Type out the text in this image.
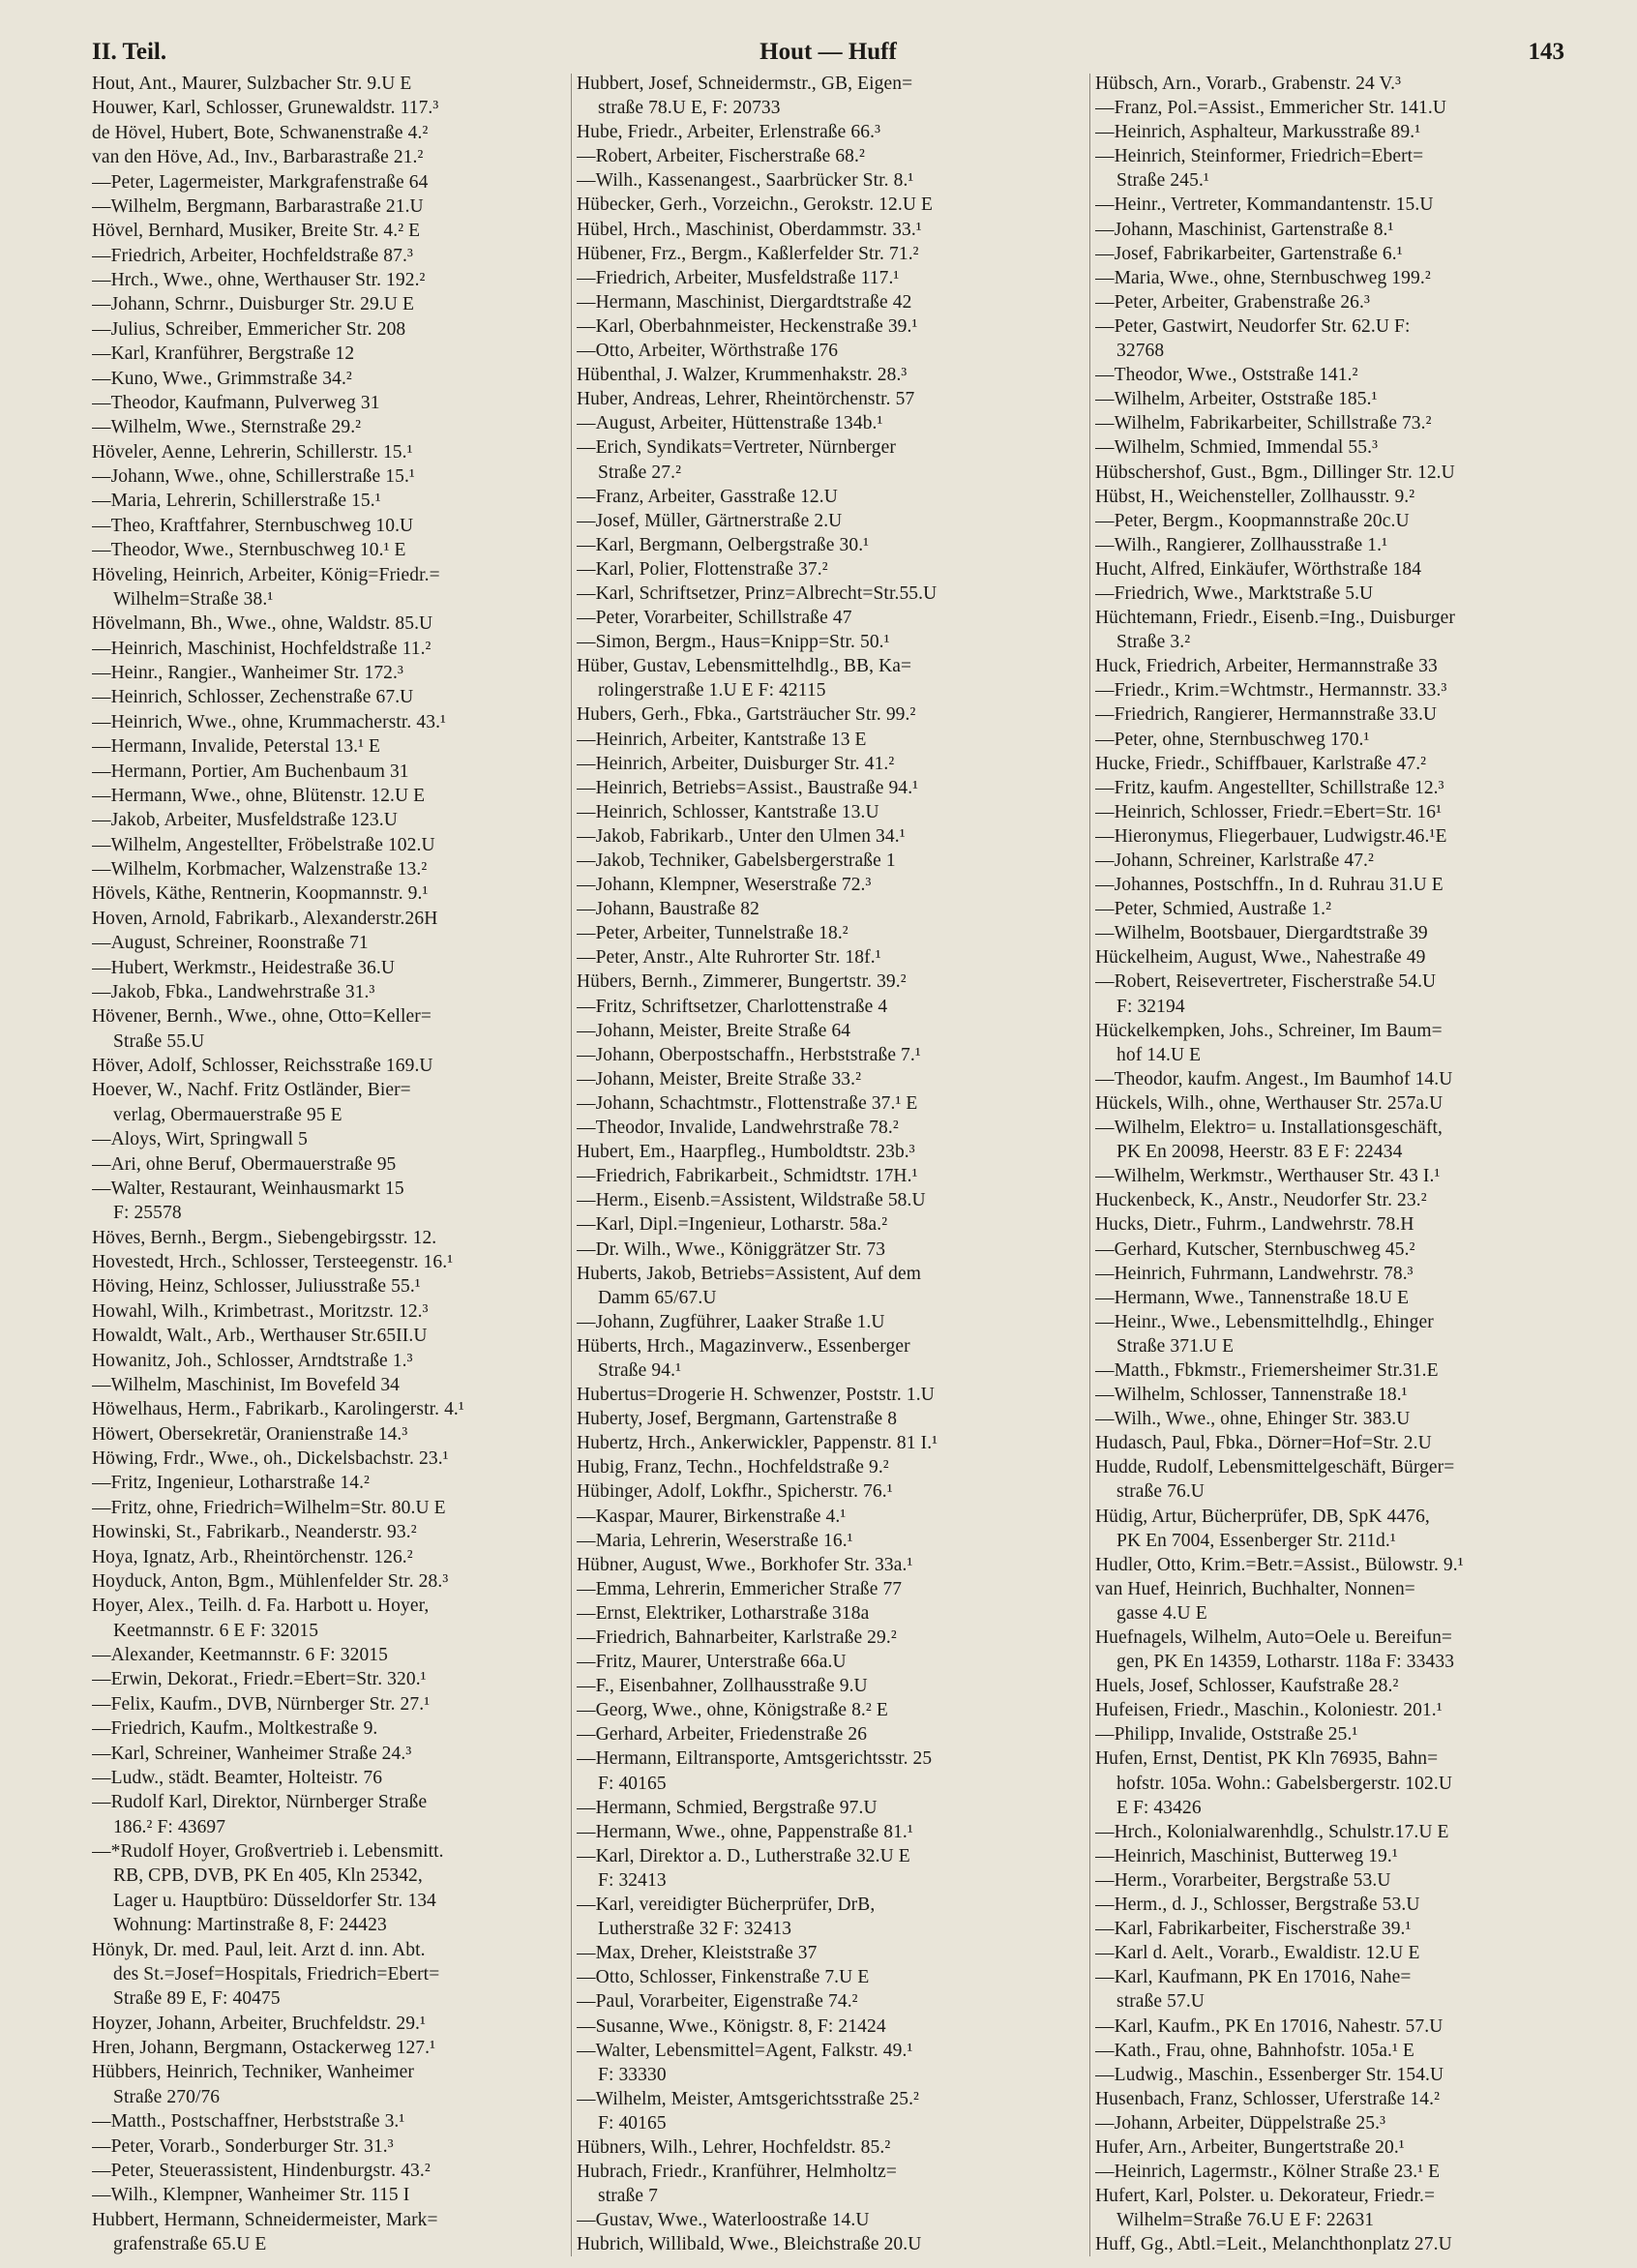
II. Teil.	Hout — Huff	143
Hout, Ant., Maurer, Sulzbacher Str. 9.U E
Houwer, Karl, Schlosser, Grunewaldstr. 117.³
de Hövel, Hubert, Bote, Schwanenstraße 4.²
van den Höve, Ad., Inv., Barbarastraße 21.²
—Peter, Lagermeister, Markgrafenstraße 64
—Wilhelm, Bergmann, Barbarastraße 21.U
Hövel, Bernhard, Musiker, Breite Str. 4.² E
—Friedrich, Arbeiter, Hochfeldstraße 87.³
—Hrch., Wwe., ohne, Werthauser Str. 192.²
—Johann, Schrnr., Duisburger Str. 29.U E
—Julius, Schreiber, Emmericher Str. 208
—Karl, Kranführer, Bergstraße 12
—Kuno, Wwe., Grimmstraße 34.²
—Theodor, Kaufmann, Pulverweg 31
—Wilhelm, Wwe., Sternstraße 29.²
Höveler, Aenne, Lehrerin, Schillerstr. 15.¹
—Johann, Wwe., ohne, Schillerstraße 15.¹
—Maria, Lehrerin, Schillerstraße 15.¹
—Theo, Kraftfahrer, Sternbuschweg 10.U
—Theodor, Wwe., Sternbuschweg 10.¹ E
Höveling, Heinrich, Arbeiter, König=Friedr.=
Wilhelm=Straße 38.¹
Hövelmann, Bh., Wwe., ohne, Waldstr. 85.U
—Heinrich, Maschinist, Hochfeldstraße 11.²
—Heinr., Rangier., Wanheimer Str. 172.³
—Heinrich, Schlosser, Zechenstraße 67.U
—Heinrich, Wwe., ohne, Krummacherstr. 43.¹
—Hermann, Invalide, Peterstal 13.¹ E
—Hermann, Portier, Am Buchenbaum 31
—Hermann, Wwe., ohne, Blütenstr. 12.U E
—Jakob, Arbeiter, Musfeldstraße 123.U
—Wilhelm, Angestellter, Fröbelstraße 102.U
—Wilhelm, Korbmacher, Walzenstraße 13.²
Hövels, Käthe, Rentnerin, Koopmannstr. 9.¹
Hoven, Arnold, Fabrikarb., Alexanderstr.26H
—August, Schreiner, Roonstraße 71
—Hubert, Werkmstr., Heidestraße 36.U
—Jakob, Fbka., Landwehrstraße 31.³
Hövener, Bernh., Wwe., ohne, Otto=Keller=
Straße 55.U
Höver, Adolf, Schlosser, Reichsstraße 169.U
Hoever, W., Nachf. Fritz Ostländer, Bier=
verlag, Obermauerstraße 95 E
—Aloys, Wirt, Springwall 5
—Ari, ohne Beruf, Obermauerstraße 95
—Walter, Restaurant, Weinhausmarkt 15
F: 25578
Höves, Bernh., Bergm., Siebengebirgsstr. 12.
Hovestedt, Hrch., Schlosser, Tersteegenstr. 16.¹
Höving, Heinz, Schlosser, Juliusstraße 55.¹
Howahl, Wilh., Krimbetrast., Moritzstr. 12.³
Howaldt, Walt., Arb., Werthauser Str.65II.U
Howanitz, Joh., Schlosser, Arndtstraße 1.³
—Wilhelm, Maschinist, Im Bovefeld 34
Höwelhaus, Herm., Fabrikarb., Karolingerstr. 4.¹
Höwert, Obersekretär, Oranienstraße 14.³
Höwing, Frdr., Wwe., oh., Dickelsbachstr. 23.¹
—Fritz, Ingenieur, Lotharstraße 14.²
—Fritz, ohne, Friedrich=Wilhelm=Str. 80.U E
Howinski, St., Fabrikarb., Neanderstr. 93.²
Hoya, Ignatz, Arb., Rheintörchenstr. 126.²
Hoyduck, Anton, Bgm., Mühlenfelder Str. 28.³
Hoyer, Alex., Teilh. d. Fa. Harbott u. Hoyer,
Keetmannstr. 6 E F: 32015
—Alexander, Keetmannstr. 6 F: 32015
—Erwin, Dekorat., Friedr.=Ebert=Str. 320.¹
—Felix, Kaufm., DVB, Nürnberger Str. 27.¹
—Friedrich, Kaufm., Moltkestraße 9.
—Karl, Schreiner, Wanheimer Straße 24.³
—Ludw., städt. Beamter, Holteistr. 76
—Rudolf Karl, Direktor, Nürnberger Straße
186.² F: 43697
—*Rudolf Hoyer, Großvertrieb i. Lebensmitt.
RB, CPB, DVB, PK En 405, Kln 25342,
Lager u. Hauptbüro: Düsseldorfer Str. 134
Wohnung: Martinstraße 8, F: 24423
Hönyk, Dr. med. Paul, leit. Arzt d. inn. Abt.
des St.=Josef=Hospitals, Friedrich=Ebert=
Straße 89 E, F: 40475
Hoyzer, Johann, Arbeiter, Bruchfeldstr. 29.¹
Hren, Johann, Bergmann, Ostackerweg 127.¹
Hübbers, Heinrich, Techniker, Wanheimer
Straße 270/76
—Matth., Postschaffner, Herbststraße 3.¹
—Peter, Vorarb., Sonderburger Str. 31.³
—Peter, Steuerassistent, Hindenburgstr. 43.²
—Wilh., Klempner, Wanheimer Str. 115 I
Hubbert, Hermann, Schneidermeister, Mark=
grafenstraße 65.U E
Hubbert, Josef, Schneidermstr., GB, Eigen=
straße 78.U E, F: 20733
Hube, Friedr., Arbeiter, Erlenstraße 66.³
—Robert, Arbeiter, Fischerstraße 68.²
—Wilh., Kassenangest., Saarbrücker Str. 8.¹
Hübecker, Gerh., Vorzeichn., Gerokstr. 12.U E
Hübel, Hrch., Maschinist, Oberdammstr. 33.¹
Hübener, Frz., Bergm., Kaßlerfelder Str. 71.²
—Friedrich, Arbeiter, Musfeldstraße 117.¹
—Hermann, Maschinist, Diergardtstraße 42
—Karl, Oberbahnmeister, Heckenstraße 39.¹
—Otto, Arbeiter, Wörthstraße 176
Hübenthal, J. Walzer, Krummenhakstr. 28.³
Huber, Andreas, Lehrer, Rheintörchenstr. 57
—August, Arbeiter, Hüttenstraße 134b.¹
—Erich, Syndikats=Vertreter, Nürnberger
Straße 27.²
—Franz, Arbeiter, Gasstraße 12.U
—Josef, Müller, Gärtnerstraße 2.U
—Karl, Bergmann, Oelbergstraße 30.¹
—Karl, Polier, Flottenstraße 37.²
—Karl, Schriftsetzer, Prinz=Albrecht=Str.55.U
—Peter, Vorarbeiter, Schillstraße 47
—Simon, Bergm., Haus=Knipp=Str. 50.¹
Hüber, Gustav, Lebensmittelhdlg., BB, Ka=
rolingerstraße 1.U E F: 42115
Hubers, Gerh., Fbka., Gartsträucher Str. 99.²
—Heinrich, Arbeiter, Kantstraße 13 E
—Heinrich, Arbeiter, Duisburger Str. 41.²
—Heinrich, Betriebs=Assist., Baustraße 94.¹
—Heinrich, Schlosser, Kantstraße 13.U
—Jakob, Fabrikarb., Unter den Ulmen 34.¹
—Jakob, Techniker, Gabelsbergerstraße 1
—Johann, Klempner, Weserstraße 72.³
—Johann, Baustraße 82
—Peter, Arbeiter, Tunnelstraße 18.²
—Peter, Anstr., Alte Ruhrorter Str. 18f.¹
Hübers, Bernh., Zimmerer, Bungertstr. 39.²
—Fritz, Schriftsetzer, Charlottenstraße 4
—Johann, Meister, Breite Straße 64
—Johann, Oberpostschaffn., Herbststraße 7.¹
—Johann, Meister, Breite Straße 33.²
—Johann, Schachtmstr., Flottenstraße 37.¹ E
—Theodor, Invalide, Landwehrstraße 78.²
Hubert, Em., Haarpfleg., Humboldtstr. 23b.³
—Friedrich, Fabrikarbeit., Schmidtstr. 17H.¹
—Herm., Eisenb.=Assistent, Wildstraße 58.U
—Karl, Dipl.=Ingenieur, Lotharstr. 58a.²
—Dr. Wilh., Wwe., Königgrätzer Str. 73
Huberts, Jakob, Betriebs=Assistent, Auf dem
Damm 65/67.U
—Johann, Zugführer, Laaker Straße 1.U
Hüberts, Hrch., Magazinverw., Essenberger
Straße 94.¹
Hubertus=Drogerie H. Schwenzer, Poststr. 1.U
Huberty, Josef, Bergmann, Gartenstraße 8
Hubertz, Hrch., Ankerwickler, Pappenstr. 81 I.¹
Hubig, Franz, Techn., Hochfeldstraße 9.²
Hübinger, Adolf, Lokfhr., Spicherstr. 76.¹
—Kaspar, Maurer, Birkenstraße 4.¹
—Maria, Lehrerin, Weserstraße 16.¹
Hübner, August, Wwe., Borkhofer Str. 33a.¹
—Emma, Lehrerin, Emmericher Straße 77
—Ernst, Elektriker, Lotharstraße 318a
—Friedrich, Bahnarbeiter, Karlstraße 29.²
—Fritz, Maurer, Unterstraße 66a.U
—F., Eisenbahner, Zollhausstraße 9.U
—Georg, Wwe., ohne, Königstraße 8.² E
—Gerhard, Arbeiter, Friedenstraße 26
—Hermann, Eiltransporte, Amtsgerichtsstr. 25
F: 40165
—Hermann, Schmied, Bergstraße 97.U
—Hermann, Wwe., ohne, Pappenstraße 81.¹
—Karl, Direktor a. D., Lutherstraße 32.U E
F: 32413
—Karl, vereidigter Bücherprüfer, DrB,
Lutherstraße 32 F: 32413
—Max, Dreher, Kleiststraße 37
—Otto, Schlosser, Finkenstraße 7.U E
—Paul, Vorarbeiter, Eigenstraße 74.²
—Susanne, Wwe., Königstr. 8, F: 21424
—Walter, Lebensmittel=Agent, Falkstr. 49.¹
F: 33330
—Wilhelm, Meister, Amtsgerichtsstraße 25.²
F: 40165
Hübners, Wilh., Lehrer, Hochfeldstr. 85.²
Hubrach, Friedr., Kranführer, Helmholtz=
straße 7
—Gustav, Wwe., Waterloostraße 14.U
Hubrich, Willibald, Wwe., Bleichstraße 20.U
Hübsch, Arn., Vorarb., Grabenstr. 24 V.³
—Franz, Pol.=Assist., Emmericher Str. 141.U
—Heinrich, Asphalteur, Markusstraße 89.¹
—Heinrich, Steinformer, Friedrich=Ebert=
Straße 245.¹
—Heinr., Vertreter, Kommandantenstr. 15.U
—Johann, Maschinist, Gartenstraße 8.¹
—Josef, Fabrikarbeiter, Gartenstraße 6.¹
—Maria, Wwe., ohne, Sternbuschweg 199.²
—Peter, Arbeiter, Grabenstraße 26.³
—Peter, Gastwirt, Neudorfer Str. 62.U F:
32768
—Theodor, Wwe., Oststraße 141.²
—Wilhelm, Arbeiter, Oststraße 185.¹
—Wilhelm, Fabrikarbeiter, Schillstraße 73.²
—Wilhelm, Schmied, Immendal 55.³
Hübschershof, Gust., Bgm., Dillinger Str. 12.U
Hübst, H., Weichensteller, Zollhausstr. 9.²
—Peter, Bergm., Koopmannstraße 20c.U
—Wilh., Rangierer, Zollhausstraße 1.¹
Hucht, Alfred, Einkäufer, Wörthstraße 184
—Friedrich, Wwe., Marktstraße 5.U
Hüchtemann, Friedr., Eisenb.=Ing., Duisburger
Straße 3.²
Huck, Friedrich, Arbeiter, Hermannstraße 33
—Friedr., Krim.=Wchtmstr., Hermannstr. 33.³
—Friedrich, Rangierer, Hermannstraße 33.U
—Peter, ohne, Sternbuschweg 170.¹
Hucke, Friedr., Schiffbauer, Karlstraße 47.²
—Fritz, kaufm. Angestellter, Schillstraße 12.³
—Heinrich, Schlosser, Friedr.=Ebert=Str. 16¹
—Hieronymus, Fliegerbauer, Ludwigstr.46.¹E
—Johann, Schreiner, Karlstraße 47.²
—Johannes, Postschffn., In d. Ruhrau 31.U E
—Peter, Schmied, Austraße 1.²
—Wilhelm, Bootsbauer, Diergardtstraße 39
Hückelheim, August, Wwe., Nahestraße 49
—Robert, Reisevertreter, Fischerstraße 54.U
F: 32194
Hückelkempken, Johs., Schreiner, Im Baum=
hof 14.U E
—Theodor, kaufm. Angest., Im Baumhof 14.U
Hückels, Wilh., ohne, Werthauser Str. 257a.U
—Wilhelm, Elektro= u. Installationsgeschäft,
PK En 20098, Heerstr. 83 E F: 22434
—Wilhelm, Werkmstr., Werthauser Str. 43 I.¹
Huckenbeck, K., Anstr., Neudorfer Str. 23.²
Hucks, Dietr., Fuhrm., Landwehrstr. 78.H
—Gerhard, Kutscher, Sternbuschweg 45.²
—Heinrich, Fuhrmann, Landwehrstr. 78.³
—Hermann, Wwe., Tannenstraße 18.U E
—Heinr., Wwe., Lebensmittelhdlg., Ehinger
Straße 371.U E
—Matth., Fbkmstr., Friemersheimer Str.31.E
—Wilhelm, Schlosser, Tannenstraße 18.¹
—Wilh., Wwe., ohne, Ehinger Str. 383.U
Hudasch, Paul, Fbka., Dörner=Hof=Str. 2.U
Hudde, Rudolf, Lebensmittelgeschäft, Bürger=
straße 76.U
Hüdig, Artur, Bücherprüfer, DB, SpK 4476,
PK En 7004, Essenberger Str. 211d.¹
Hudler, Otto, Krim.=Betr.=Assist., Bülowstr. 9.¹
van Huef, Heinrich, Buchhalter, Nonnen=
gasse 4.U E
Huefnagels, Wilhelm, Auto=Oele u. Bereifun=
gen, PK En 14359, Lotharstr. 118a F: 33433
Huels, Josef, Schlosser, Kaufstraße 28.²
Hufeisen, Friedr., Maschin., Koloniestr. 201.¹
—Philipp, Invalide, Oststraße 25.¹
Hufen, Ernst, Dentist, PK Kln 76935, Bahn=
hofstr. 105a. Wohn.: Gabelsbergerstr. 102.U
E F: 43426
—Hrch., Kolonialwarenhdlg., Schulstr.17.U E
—Heinrich, Maschinist, Butterweg 19.¹
—Herm., Vorarbeiter, Bergstraße 53.U
—Herm., d. J., Schlosser, Bergstraße 53.U
—Karl, Fabrikarbeiter, Fischerstraße 39.¹
—Karl d. Aelt., Vorarb., Ewaldistr. 12.U E
—Karl, Kaufmann, PK En 17016, Nahe=
straße 57.U
—Karl, Kaufm., PK En 17016, Nahestr. 57.U
—Kath., Frau, ohne, Bahnhofstr. 105a.¹ E
—Ludwig., Maschin., Essenberger Str. 154.U
Husenbach, Franz, Schlosser, Uferstraße 14.²
—Johann, Arbeiter, Düppelstraße 25.³
Hufer, Arn., Arbeiter, Bungertstraße 20.¹
—Heinrich, Lagermstr., Kölner Straße 23.¹ E
Hufert, Karl, Polster. u. Dekorateur, Friedr.=
Wilhelm=Straße 76.U E F: 22631
Huff, Gg., Abtl.=Leit., Melanchthonplatz 27.U
